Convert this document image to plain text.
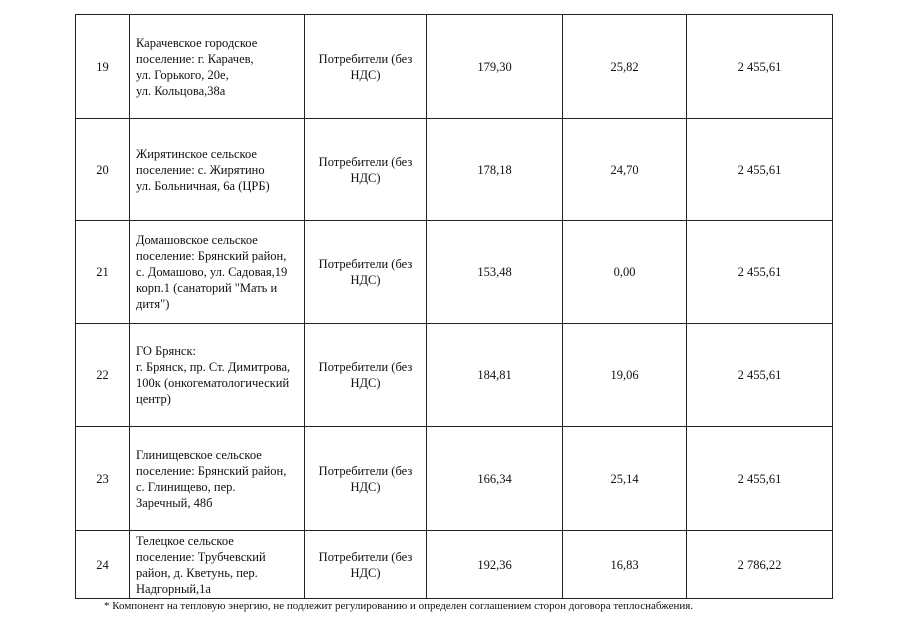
19	Карачевское городское
поселение: г. Карачев,
ул. Горького, 20е,
ул. Кольцова,38а	Потребители (без
НДС)	179,30	25,82	2 455,61
20	Жирятинское сельское
поселение: с. Жирятино
ул. Больничная, 6а (ЦРБ)	Потребители (без
НДС)	178,18	24,70	2 455,61
21	Домашовское сельское
поселение: Брянский район,
с. Домашово, ул. Садовая,19
корп.1 (санаторий "Мать и
дитя")	Потребители (без
НДС)	153,48	0,00	2 455,61
22	ГО Брянск:
г. Брянск, пр. Ст. Димитрова,
100к (онкогематологический
центр)	Потребители (без
НДС)	184,81	19,06	2 455,61
23	Глинищевское сельское
поселение: Брянский район,
с. Глинищево, пер.
Заречный, 48б	Потребители (без
НДС)	166,34	25,14	2 455,61
24	Телецкое сельское
поселение: Трубчевский
район, д. Кветунь, пер.
Надгорный,1а	Потребители (без
НДС)	192,36	16,83	2 786,22
* Компонент на тепловую энергию, не подлежит регулированию и определен соглашением сторон договора теплоснабжения.
